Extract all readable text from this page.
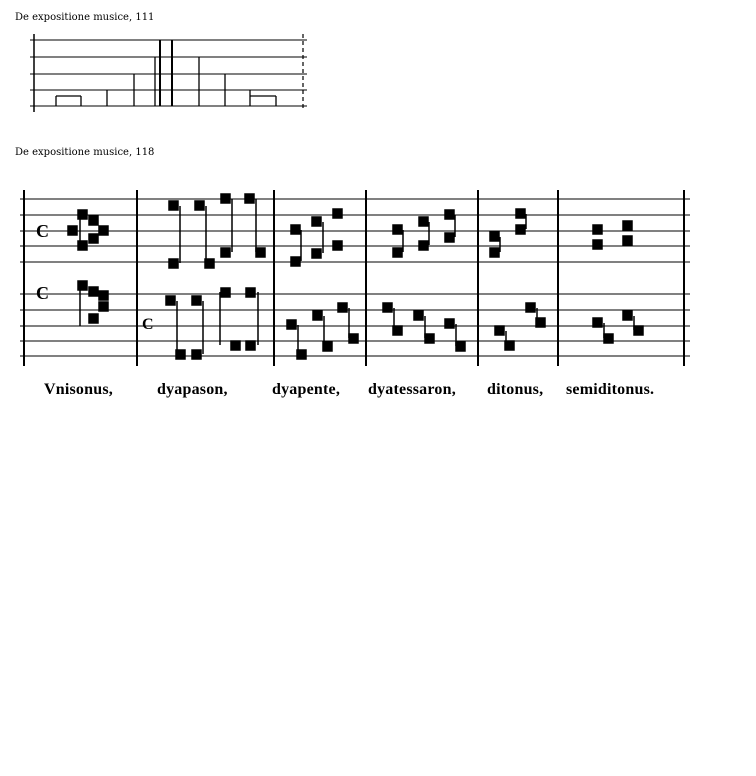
De expositione musice, 111
De expositione musice, 118
C
C
C
Vnisonus,	dyapason,	dyapente, dyatessaron, ditonus, semiditonus.
